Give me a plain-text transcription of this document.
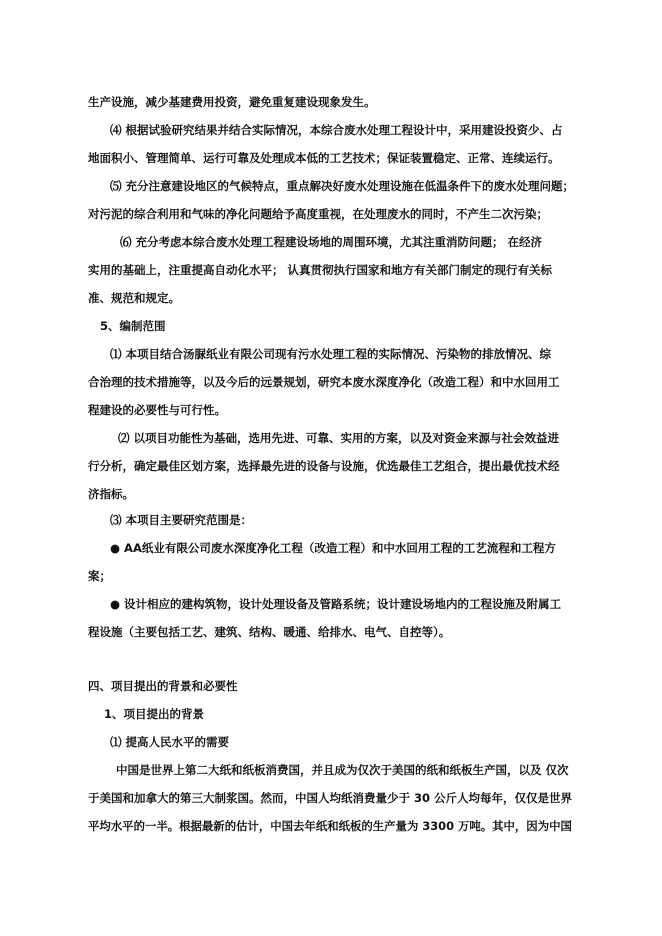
生产设施，减少基建费用投资，避免重复建设现象发生。
⑷ 根据试验研究结果并结合实际情况，本综合废水处理工程设计中，采用建设投资少、占
地面积小、管理简单、运行可靠及处理成本低的工艺技术；保证装置稳定、正常、连续运行。
⑸ 充分注意建设地区的气候特点，重点解决好废水处理设施在低温条件下的废水处理问题；
对污泥的综合利用和气味的净化问题给予高度重视，在处理废水的同时，不产生二次污染；
⑹ 充分考虑本综合废水处理工程建设场地的周围环境，尤其注重消防问题； 在经济
实用的基础上，注重提高自动化水平； 认真贯彻执行国家和地方有关部门制定的现行有关标
准、规范和规定。
5、编制范围
⑴ 本项目结合汤脲纸业有限公司现有污水处理工程的实际情况、污染物的排放情况、综
合治理的技术措施等，以及今后的远景规划，研究本废水深度净化（改造工程）和中水回用工
程建设的必要性与可行性。
⑵ 以项目功能性为基础，选用先进、可靠、实用的方案，以及对资金来源与社会效益进
行分析，确定最佳区划方案，选择最先进的设备与设施，优选最佳工艺组合，提出最优技术经
济指标。
⑶ 本项目主要研究范围是：
● AA纸业有限公司废水深度净化工程（改造工程）和中水回用工程的工艺流程和工程方
案；
● 设计相应的建构筑物，设计处理设备及管路系统；设计建设场地内的工程设施及附属工
程设施（主要包括工艺、建筑、结构、暖通、给排水、电气、自控等）。
四、项目提出的背景和必要性
1、项目提出的背景
⑴ 提高人民水平的需要
中国是世界上第二大纸和纸板消费国，并且成为仅次于美国的纸和纸板生产国，以及 仅次
于美国和加拿大的第三大制浆国。然而，中国人均纸消费量少于 30 公斤人均每年，仅仅是世界
平均水平的一半。根据最新的估计，中国去年纸和纸板的生产量为 3300 万吨。其中，因为中国
